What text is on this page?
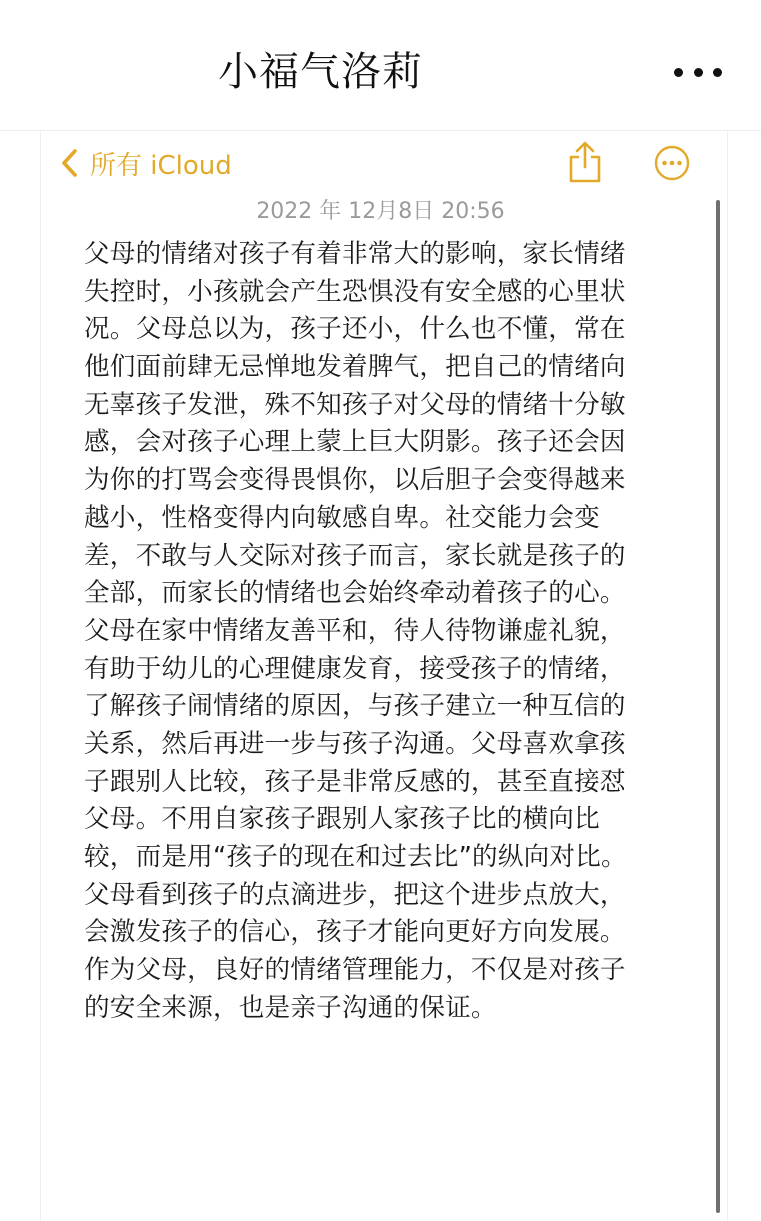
小福气洛莉
所有 iCloud
2022 年 12月8日 20:56
父母的情绪对孩子有着非常大的影响，家长情绪
失控时，小孩就会产生恐惧没有安全感的心里状
况。父母总以为，孩子还小，什么也不懂，常在
他们面前肆无忌惮地发着脾气，把自己的情绪向
无辜孩子发泄，殊不知孩子对父母的情绪十分敏
感，会对孩子心理上蒙上巨大阴影。孩子还会因
为你的打骂会变得畏惧你，以后胆子会变得越来
越小，性格变得内向敏感自卑。社交能力会变
差，不敢与人交际对孩子而言，家长就是孩子的
全部，而家长的情绪也会始终牵动着孩子的心。
父母在家中情绪友善平和，待人待物谦虚礼貌，
有助于幼儿的心理健康发育，接受孩子的情绪，
了解孩子闹情绪的原因，与孩子建立一种互信的
关系，然后再进一步与孩子沟通。父母喜欢拿孩
子跟别人比较，孩子是非常反感的，甚至直接怼
父母。不用自家孩子跟别人家孩子比的横向比
较，而是用“孩子的现在和过去比”的纵向对比。
父母看到孩子的点滴进步，把这个进步点放大，
会激发孩子的信心，孩子才能向更好方向发展。
作为父母，良好的情绪管理能力，不仅是对孩子
的安全来源，也是亲子沟通的保证。
